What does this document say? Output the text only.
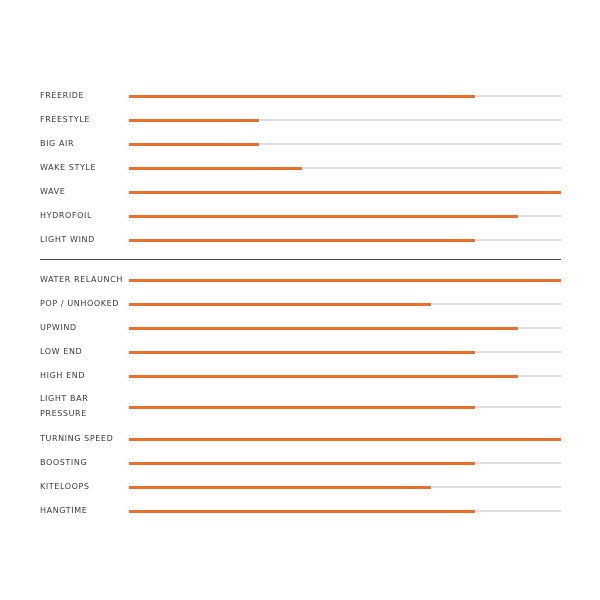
FREERIDE
FREESTYLE
BIG AIR
WAKE STYLE
WAVE
HYDROFOIL
LIGHT WIND
WATER RELAUNCH
POP / UNHOOKED
UPWIND
LOW END
HIGH END
LIGHT BAR PRESSURE
TURNING SPEED
BOOSTING
KITELOOPS
HANGTIME
